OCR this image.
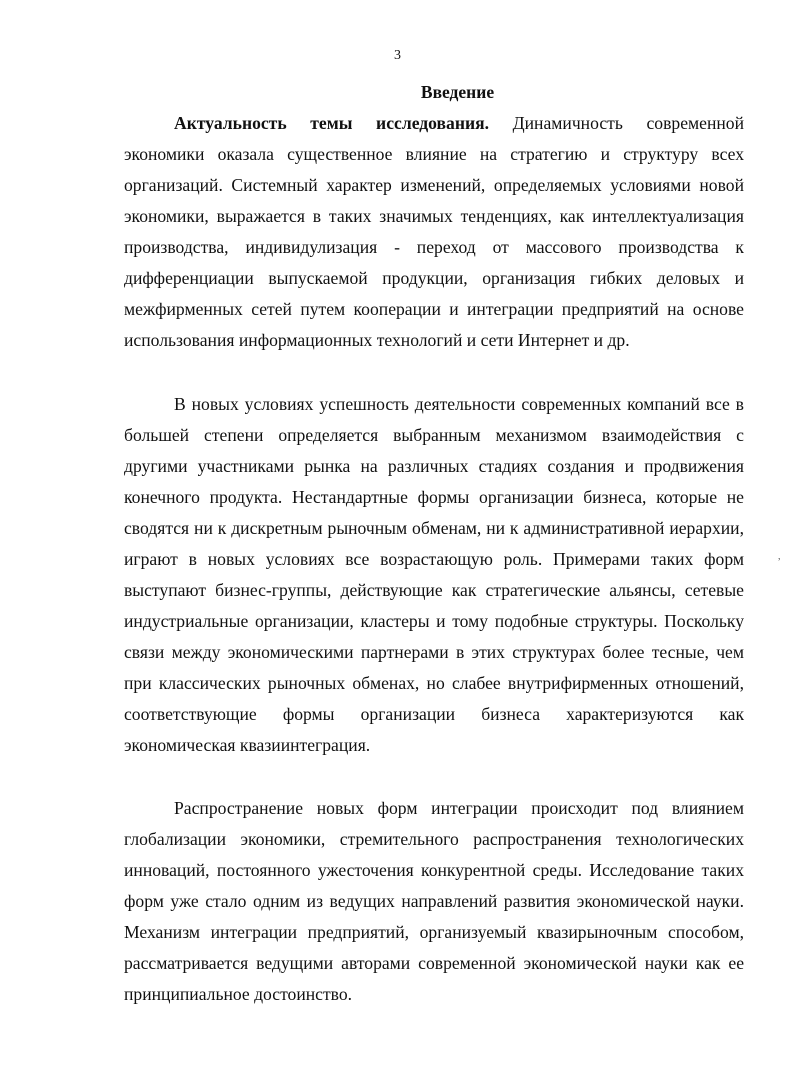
3
Введение

Актуальность темы исследования. Динамичность современной экономики оказала существенное влияние на стратегию и структуру всех организаций. Системный характер изменений, определяемых условиями новой экономики, выражается в таких значимых тенденциях, как интеллектуализация производства, индивидулизация - переход от массового производства к дифференциации выпускаемой продукции, организация гибких деловых и межфирменных сетей путем кооперации и интеграции предприятий на основе использования информационных технологий и сети Интернет и др.

В новых условиях успешность деятельности современных компаний все в большей степени определяется выбранным механизмом взаимодействия с другими участниками рынка на различных стадиях создания и продвижения конечного продукта. Нестандартные формы организации бизнеса, которые не сводятся ни к дискретным рыночным обменам, ни к административной иерархии, играют в новых условиях все возрастающую роль. Примерами таких форм выступают бизнес-группы, действующие как стратегические альянсы, сетевые индустриальные организации, кластеры и тому подобные структуры. Поскольку связи между экономическими партнерами в этих структурах более тесные, чем при классических рыночных обменах, но слабее внутрифирменных отношений, соответствующие формы организации бизнеса характеризуются как экономическая квазиинтеграция.

Распространение новых форм интеграции происходит под влиянием глобализации экономики, стремительного распространения технологических инноваций, постоянного ужесточения конкурентной среды. Исследование таких форм уже стало одним из ведущих направлений развития экономической науки. Механизм интеграции предприятий, организуемый квазирыночным способом, рассматривается ведущими авторами современной экономической науки как ее принципиальное достоинство.

,
